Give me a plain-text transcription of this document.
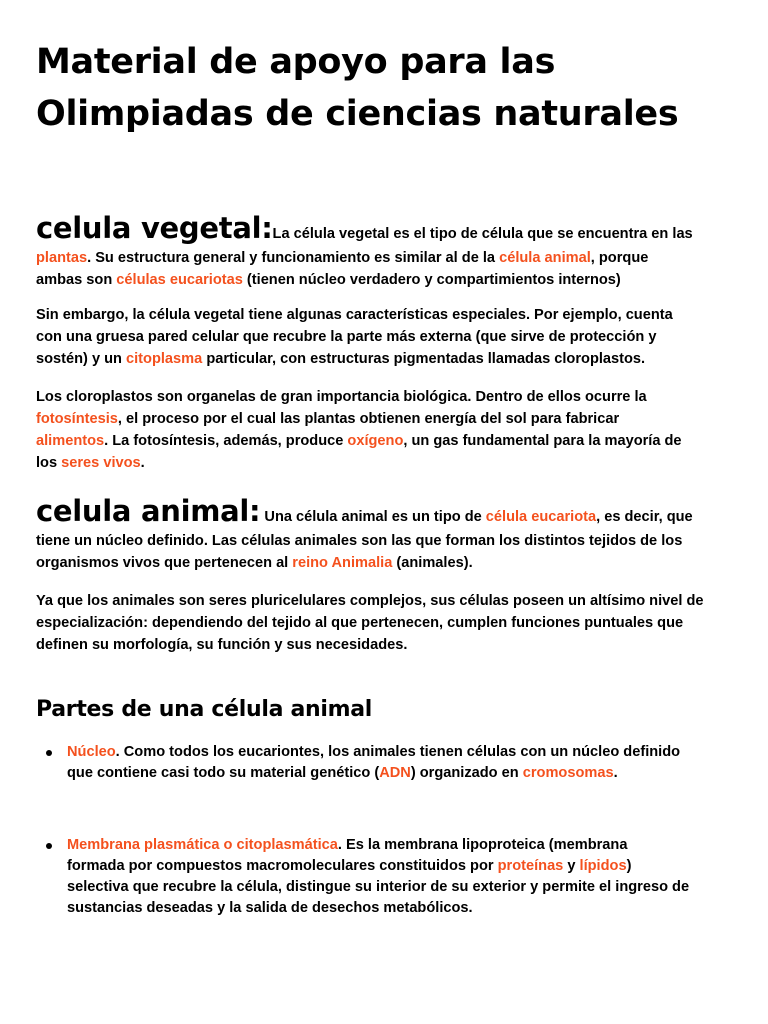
Material de apoyo para las
Olimpiadas de ciencias naturales
celula vegetal:La célula vegetal es el tipo de célula que se encuentra en las
plantas. Su estructura general y funcionamiento es similar al de la célula animal, porque
ambas son células eucariotas (tienen núcleo verdadero y compartimientos internos)
Sin embargo, la célula vegetal tiene algunas características especiales. Por ejemplo, cuenta
con una gruesa pared celular que recubre la parte más externa (que sirve de protección y
sostén) y un citoplasma particular, con estructuras pigmentadas llamadas cloroplastos.
Los cloroplastos son organelas de gran importancia biológica. Dentro de ellos ocurre la
fotosíntesis, el proceso por el cual las plantas obtienen energía del sol para fabricar
alimentos. La fotosíntesis, además, produce oxígeno, un gas fundamental para la mayoría de
los seres vivos.
celula animal: Una célula animal es un tipo de célula eucariota, es decir, que
tiene un núcleo definido. Las células animales son las que forman los distintos tejidos de los
organismos vivos que pertenecen al reino Animalia (animales).
Ya que los animales son seres pluricelulares complejos, sus células poseen un altísimo nivel de
especialización: dependiendo del tejido al que pertenecen, cumplen funciones puntuales que
definen su morfología, su función y sus necesidades.
Partes de una célula animal
Núcleo. Como todos los eucariontes, los animales tienen células con un núcleo definido
que contiene casi todo su material genético (ADN) organizado en cromosomas.
Membrana plasmática o citoplasmática. Es la membrana lipoproteica (membrana
formada por compuestos macromoleculares constituidos por proteínas y lípidos)
selectiva que recubre la célula, distingue su interior de su exterior y permite el ingreso de
sustancias deseadas y la salida de desechos metabólicos.
